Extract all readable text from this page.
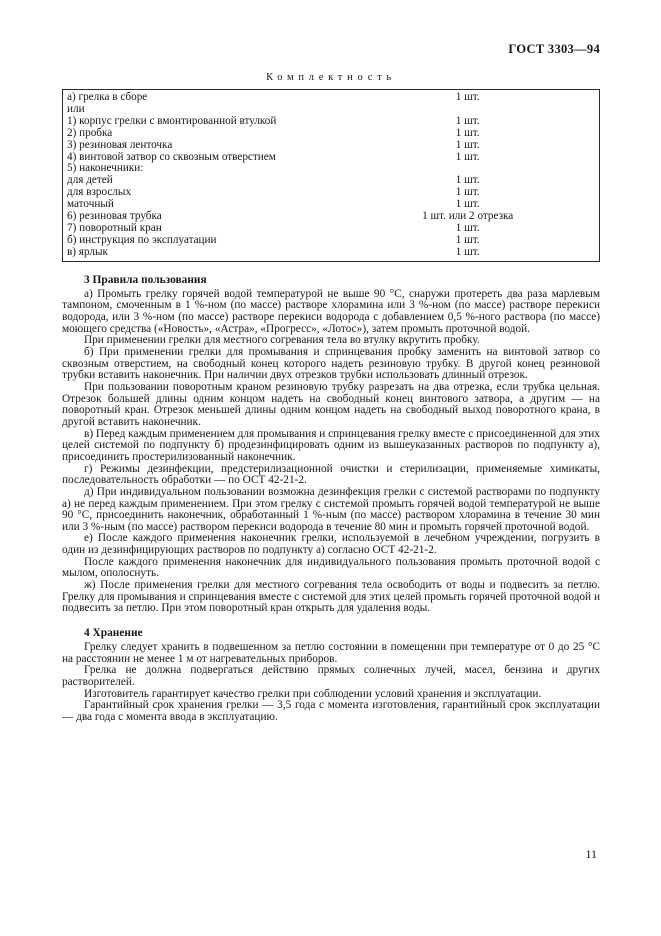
ГОСТ 3303—94
Комплектность
а) грелка в сборе	1 шт.
или	
1) корпус грелки с вмонтированной втулкой	1 шт.
2) пробка	1 шт.
3) резиновая ленточка	1 шт.
4) винтовой затвор со сквозным отверстием	1 шт.
5) наконечники:	
для детей	1 шт.
для взрослых	1 шт.
маточный	1 шт.
6) резиновая трубка	1 шт. или 2 отрезка
7) поворотный кран	1 шт.
б) инструкция по эксплуатации	1 шт.
в) ярлык	1 шт.
3 Правила пользования

а) Промыть грелку горячей водой температурой не выше 90 °С, снаружи протереть два раза марлевым тампоном, смоченным в 1 %-ном (по массе) растворе хлорамина или 3 %-ном (по массе) растворе перекиси водорода, или 3 %-ном (по массе) растворе перекиси водорода с добавлением 0,5 %-ного раствора (по массе) моющего средства («Новость», «Астра», «Прогресс», «Лотос»), затем промыть проточной водой.

При применении грелки для местного согревания тела во втулку вкрутить пробку.

б) При применении грелки для промывания и спринцевания пробку заменить на винтовой затвор со сквозным отверстием, на свободный конец которого надеть резиновую трубку. В другой конец резиновой трубки вставить наконечник. При наличии двух отрезков трубки использовать длинный отрезок.

При пользовании поворотным краном резиновую трубку разрезать на два отрезка, если трубка цельная. Отрезок большей длины одним концом надеть на свободный конец винтового затвора, а другим — на поворотный кран. Отрезок меньшей длины одним концом надеть на свободный выход поворотного крана, в другой вставить наконечник.

в) Перед каждым применением для промывания и спринцевания грелку вместе с присоединенной для этих целей системой по подпункту б) продезинфицировать одним из вышеуказанных растворов по подпункту а), присоединить простерилизованный наконечник.

г) Режимы дезинфекции, предстерилизационной очистки и стерилизации, применяемые химикаты, последовательность обработки — по ОСТ 42-21-2.

д) При индивидуальном пользовании возможна дезинфекция грелки с системой растворами по подпункту а) не перед каждым применением. При этом грелку с системой промыть горячей водой температурой не выше 90 °С, присоединить наконечник, обработанный 1 %-ным (по массе) раствором хлорамина в течение 30 мин или 3 %-ным (по массе) раствором перекиси водорода в течение 80 мин и промыть горячей проточной водой.

е) После каждого применения наконечник грелки, используемой в лечебном учреждении, погрузить в один из дезинфицирующих растворов по подпункту а) согласно ОСТ 42-21-2.

После каждого применения наконечник для индивидуального пользования промыть проточной водой с мылом, ополоснуть.

ж) После применения грелки для местного согревания тела освободить от воды и подвесить за петлю. Грелку для промывания и спринцевания вместе с системой для этих целей промыть горячей проточной водой и подвесить за петлю. При этом поворотный кран открыть для удаления воды.

4 Хранение

Грелку следует хранить в подвешенном за петлю состоянии в помещении при температуре от 0 до 25 °С на расстоянии не менее 1 м от нагревательных приборов.

Грелка не должна подвергаться действию прямых солнечных лучей, масел, бензина и других растворителей.

Изготовитель гарантирует качество грелки при соблюдении условий хранения и эксплуатации.

Гарантийный срок хранения грелки — 3,5 года с момента изготовления, гарантийный срок эксплуатации — два года с момента ввода в эксплуатацию.

11
